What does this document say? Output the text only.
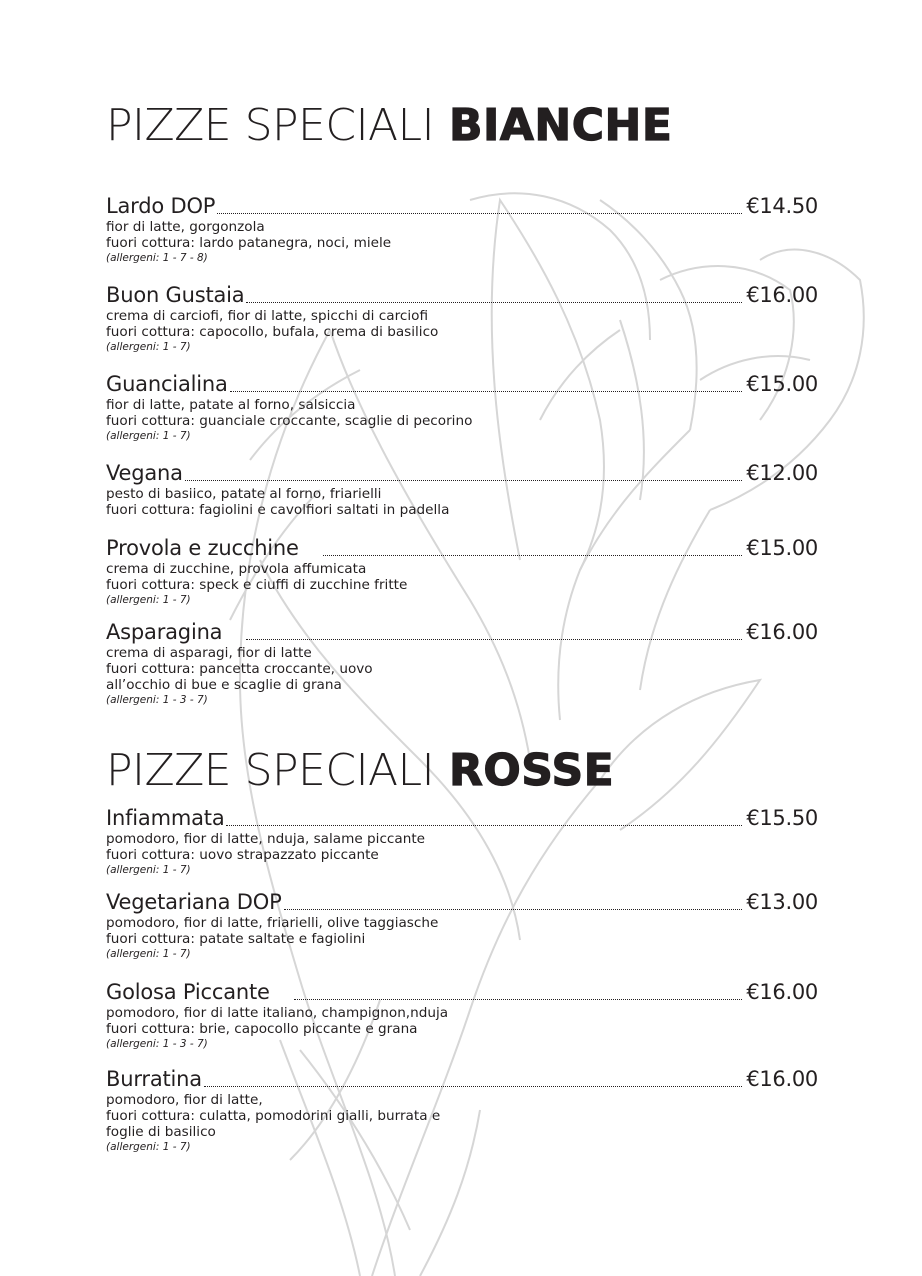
PIZZE SPECIALI BIANCHE
Lardo DOP	€14.50
fior di latte, gorgonzola
fuori cottura: lardo patanegra, noci, miele
(allergeni: 1 - 7 - 8)
Buon Gustaia	€16.00
crema di carciofi, fior di latte, spicchi di carciofi
fuori cottura: capocollo, bufala, crema di basilico
(allergeni: 1 - 7)
Guancialina	€15.00
fior di latte, patate al forno, salsiccia
fuori cottura: guanciale croccante, scaglie di pecorino
(allergeni: 1 - 7)
Vegana	€12.00
pesto di basiico, patate al forno, friarielli
fuori cottura: fagiolini e cavolfiori saltati in padella
Provola e zucchine	€15.00
crema di zucchine, provola affumicata
fuori cottura: speck e ciuffi di zucchine fritte
(allergeni: 1 - 7)
Asparagina	€16.00
crema di asparagi, fior di latte
fuori cottura: pancetta croccante, uovo
all’occhio di bue e scaglie di grana
(allergeni: 1 - 3 - 7)
PIZZE SPECIALI ROSSE
Infiammata	€15.50
pomodoro, fior di latte, nduja, salame piccante
fuori cottura: uovo strapazzato piccante
(allergeni: 1 - 7)
Vegetariana DOP	€13.00
pomodoro, fior di latte, friarielli, olive taggiasche
fuori cottura: patate saltate e fagiolini
(allergeni: 1 - 7)
Golosa Piccante	€16.00
pomodoro, fior di latte italiano, champignon,nduja
fuori cottura: brie, capocollo piccante e grana
(allergeni: 1 - 3 - 7)
Burratina	€16.00
pomodoro, fior di latte,
fuori cottura: culatta, pomodorini gialli, burrata e
foglie di basilico
(allergeni: 1 - 7)
